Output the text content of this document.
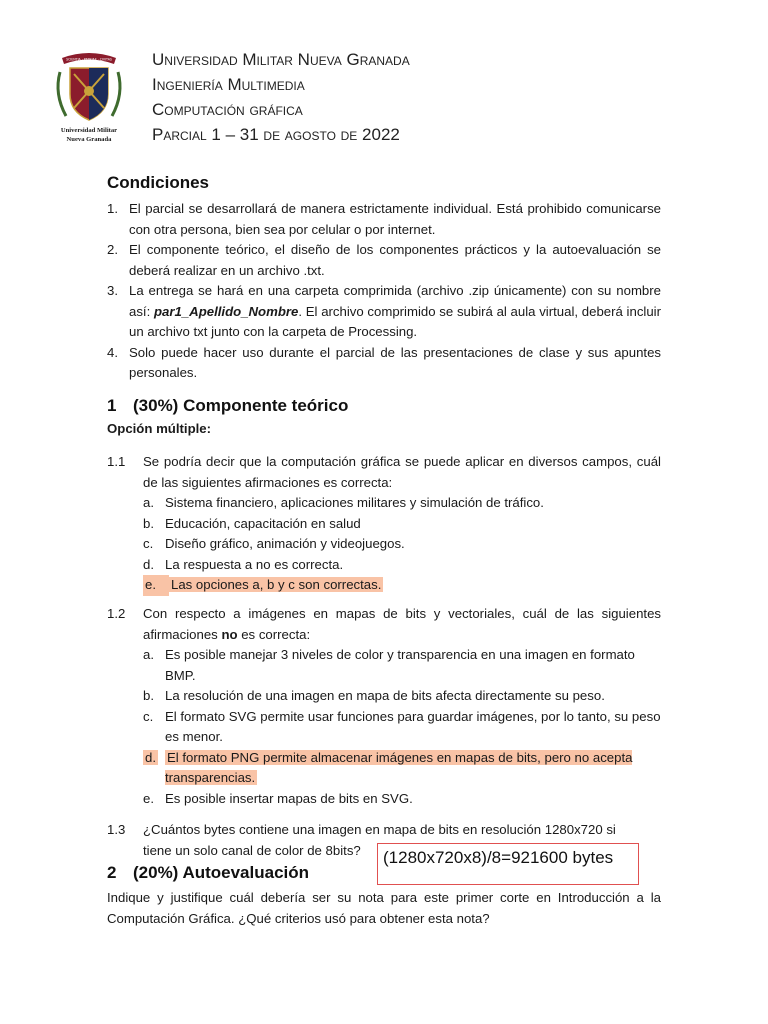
SCIENTIA · PATRIAE · CIVITAS
Universidad Militar
Nueva Granada
Universidad Militar Nueva Granada
Ingeniería Multimedia
Computación gráfica
Parcial 1 – 31 de agosto de 2022
Condiciones
1. El parcial se desarrollará de manera estrictamente individual. Está prohibido comunicarse con otra persona, bien sea por celular o por internet.
2. El componente teórico, el diseño de los componentes prácticos y la autoevaluación se deberá realizar en un archivo .txt.
3. La entrega se hará en una carpeta comprimida (archivo .zip únicamente) con su nombre así: par1_Apellido_Nombre. El archivo comprimido se subirá al aula virtual, deberá incluir un archivo txt junto con la carpeta de Processing.
4. Solo puede hacer uso durante el parcial de las presentaciones de clase y sus apuntes personales.
1 (30%) Componente teórico
Opción múltiple:
1.1	Se podría decir que la computación gráfica se puede aplicar en diversos campos, cuál de las siguientes afirmaciones es correcta:
a. Sistema financiero, aplicaciones militares y simulación de tráfico.
b. Educación, capacitación en salud
c. Diseño gráfico, animación y videojuegos.
d. La respuesta a no es correcta.
e.	Las opciones a, b y c son correctas.
1.2	Con respecto a imágenes en mapas de bits y vectoriales, cuál de las siguientes afirmaciones no es correcta:
a. Es posible manejar 3 niveles de color y transparencia en una imagen en formato BMP.
b. La resolución de una imagen en mapa de bits afecta directamente su peso.
c. El formato SVG permite usar funciones para guardar imágenes, por lo tanto, su peso es menor.
d. El formato PNG permite almacenar imágenes en mapas de bits, pero no acepta transparencias.
e. Es posible insertar mapas de bits en SVG.
1.3	¿Cuántos bytes contiene una imagen en mapa de bits en resolución 1280x720 si tiene un solo canal de color de 8bits?	(1280x720x8)/8=921600 bytes
2 (20%) Autoevaluación
Indique y justifique cuál debería ser su nota para este primer corte en Introducción a la Computación Gráfica. ¿Qué criterios usó para obtener esta nota?
